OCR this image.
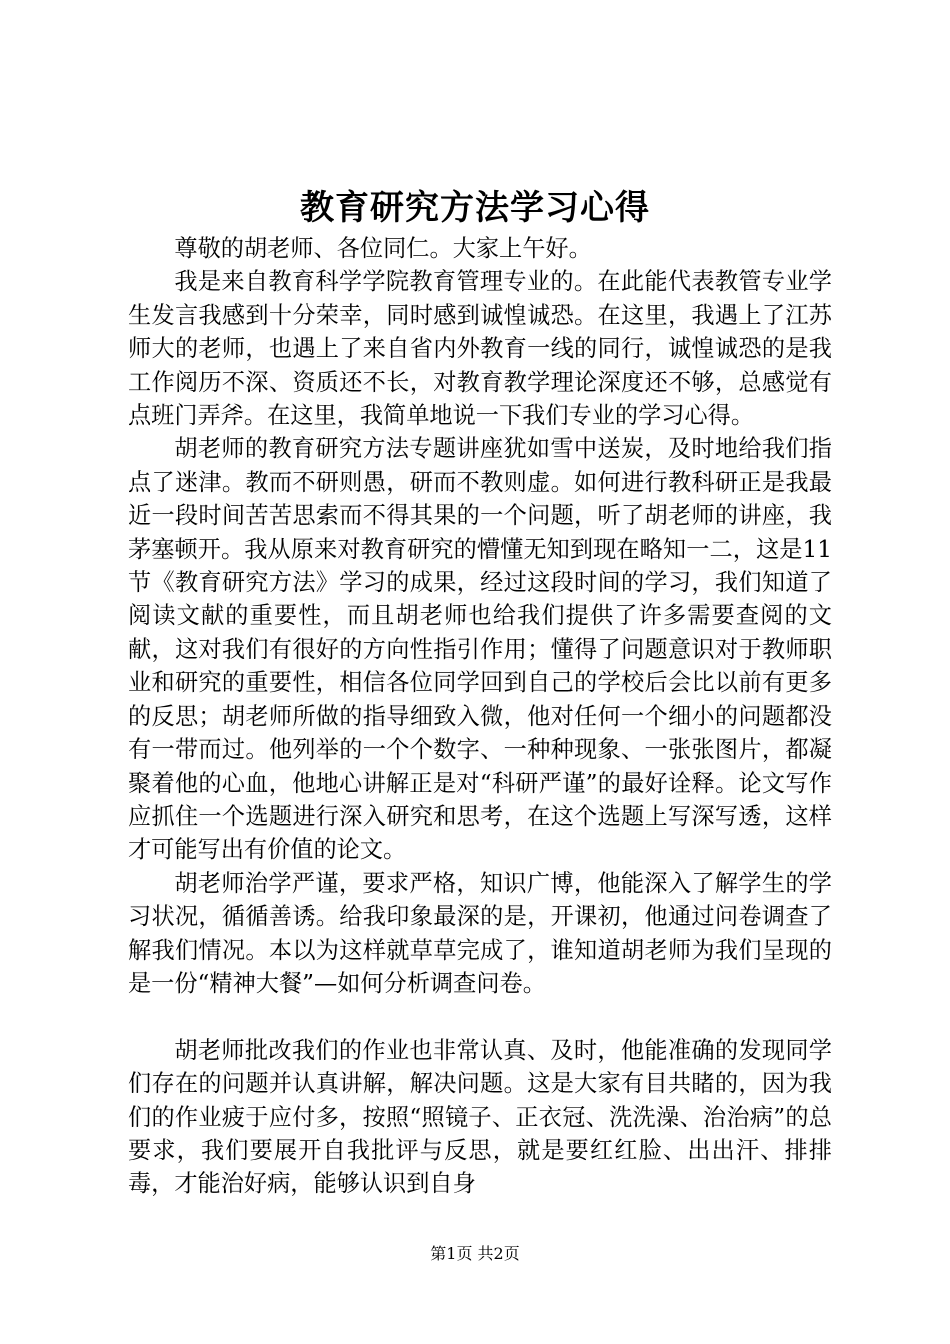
教育研究方法学习心得

尊敬的胡老师、各位同仁。大家上午好。

我是来自教育科学学院教育管理专业的。在此能代表教管专业学生发言我感到十分荣幸，同时感到诚惶诚恐。在这里，我遇上了江苏师大的老师，也遇上了来自省内外教育一线的同行，诚惶诚恐的是我工作阅历不深、资质还不长，对教育教学理论深度还不够，总感觉有点班门弄斧。在这里，我简单地说一下我们专业的学习心得。

胡老师的教育研究方法专题讲座犹如雪中送炭，及时地给我们指点了迷津。教而不研则愚，研而不教则虚。如何进行教科研正是我最近一段时间苦苦思索而不得其果的一个问题，听了胡老师的讲座，我茅塞顿开。我从原来对教育研究的懵懂无知到现在略知一二，这是11节《教育研究方法》学习的成果，经过这段时间的学习，我们知道了阅读文献的重要性，而且胡老师也给我们提供了许多需要查阅的文献，这对我们有很好的方向性指引作用；懂得了问题意识对于教师职业和研究的重要性，相信各位同学回到自己的学校后会比以前有更多的反思；胡老师所做的指导细致入微，他对任何一个细小的问题都没有一带而过。他列举的一个个数字、一种种现象、一张张图片，都凝聚着他的心血，他地心讲解正是对“科研严谨”的最好诠释。论文写作应抓住一个选题进行深入研究和思考，在这个选题上写深写透，这样才可能写出有价值的论文。

胡老师治学严谨，要求严格，知识广博，他能深入了解学生的学习状况，循循善诱。给我印象最深的是，开课初，他通过问卷调查了解我们情况。本以为这样就草草完成了，谁知道胡老师为我们呈现的是一份“精神大餐”—如何分析调查问卷。

胡老师批改我们的作业也非常认真、及时，他能准确的发现同学们存在的问题并认真讲解，解决问题。这是大家有目共睹的，因为我们的作业疲于应付多，按照“照镜子、正衣冠、洗洗澡、治治病”的总要求，我们要展开自我批评与反思，就是要红红脸、出出汗、排排毒，才能治好病，能够认识到自身

第1页 共2页
